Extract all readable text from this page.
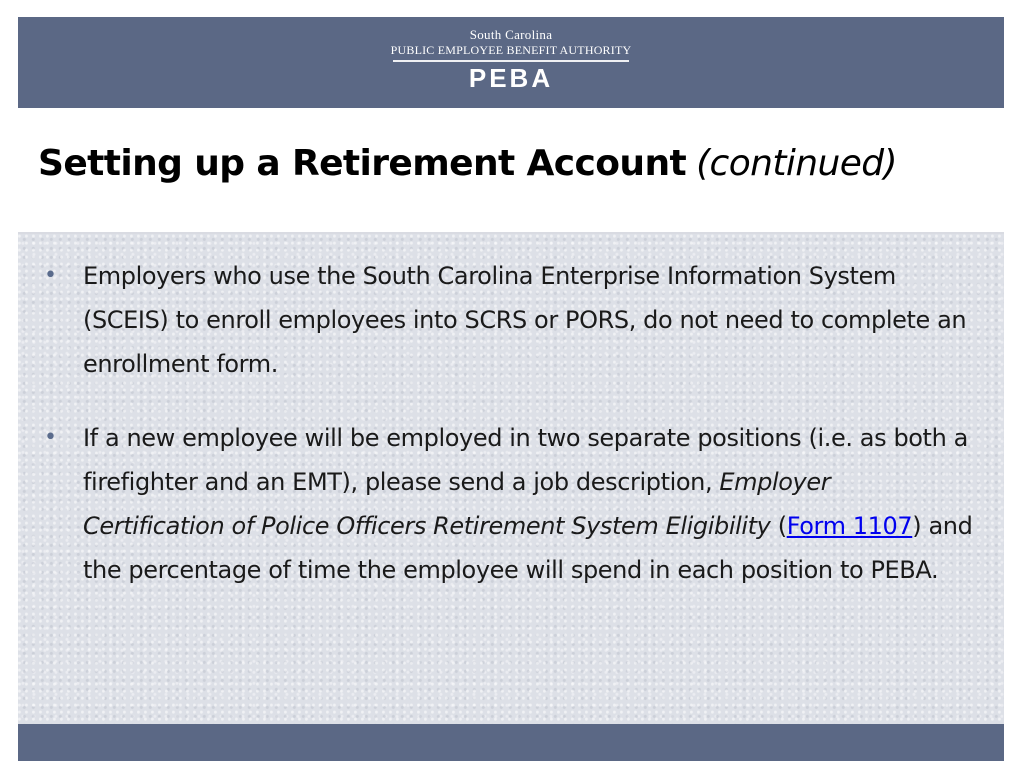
South Carolina
PUBLIC EMPLOYEE BENEFIT AUTHORITY
PEBA
Setting up a Retirement Account (continued)
• Employers who use the South Carolina Enterprise Information System (SCEIS) to enroll employees into SCRS or PORS, do not need to complete an enrollment form.
• If a new employee will be employed in two separate positions (i.e. as both a firefighter and an EMT), please send a job description, Employer Certification of Police Officers Retirement System Eligibility (Form 1107) and the percentage of time the employee will spend in each position to PEBA.
